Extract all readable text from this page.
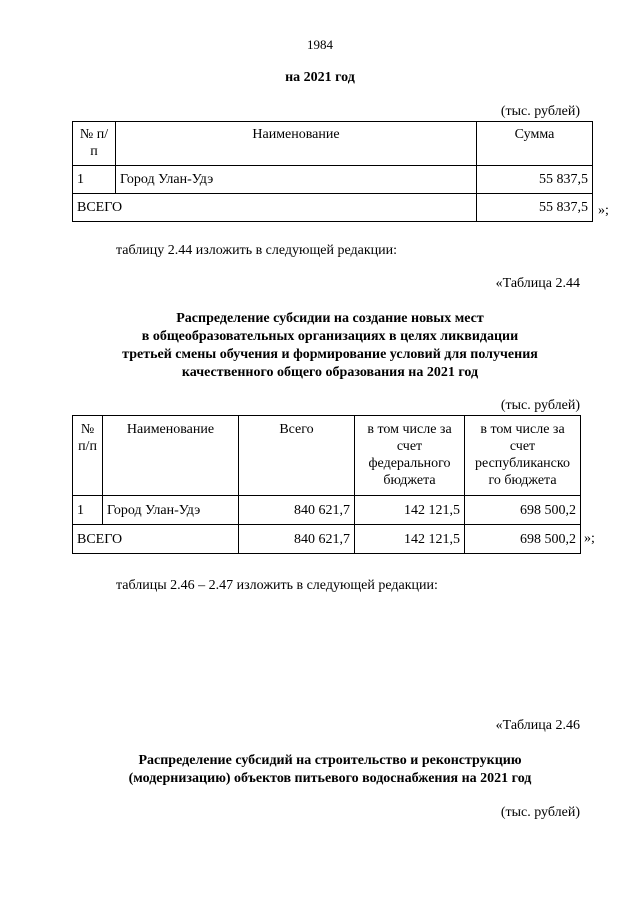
1984
на 2021 год
(тыс. рублей)
№ п/п	Наименование	Сумма
1	Город Улан-Удэ	55 837,5
ВСЕГО		55 837,5 »;
таблицу 2.44 изложить в следующей редакции:
«Таблица 2.44
Распределение субсидии на создание новых мест
в общеобразовательных организациях в целях ликвидации
третьей смены обучения и формирование условий для получения
качественного общего образования на 2021 год
(тыс. рублей)
№ п/п	Наименование	Всего	в том числе за счет федерального бюджета	в том числе за счет республиканско го бюджета
1	Город Улан-Удэ	840 621,7	142 121,5	698 500,2
ВСЕГО		840 621,7	142 121,5	698 500,2 »;
таблицы 2.46 – 2.47 изложить в следующей редакции:
«Таблица 2.46
Распределение субсидий на строительство и реконструкцию
(модернизацию) объектов питьевого водоснабжения на 2021 год
(тыс. рублей)
